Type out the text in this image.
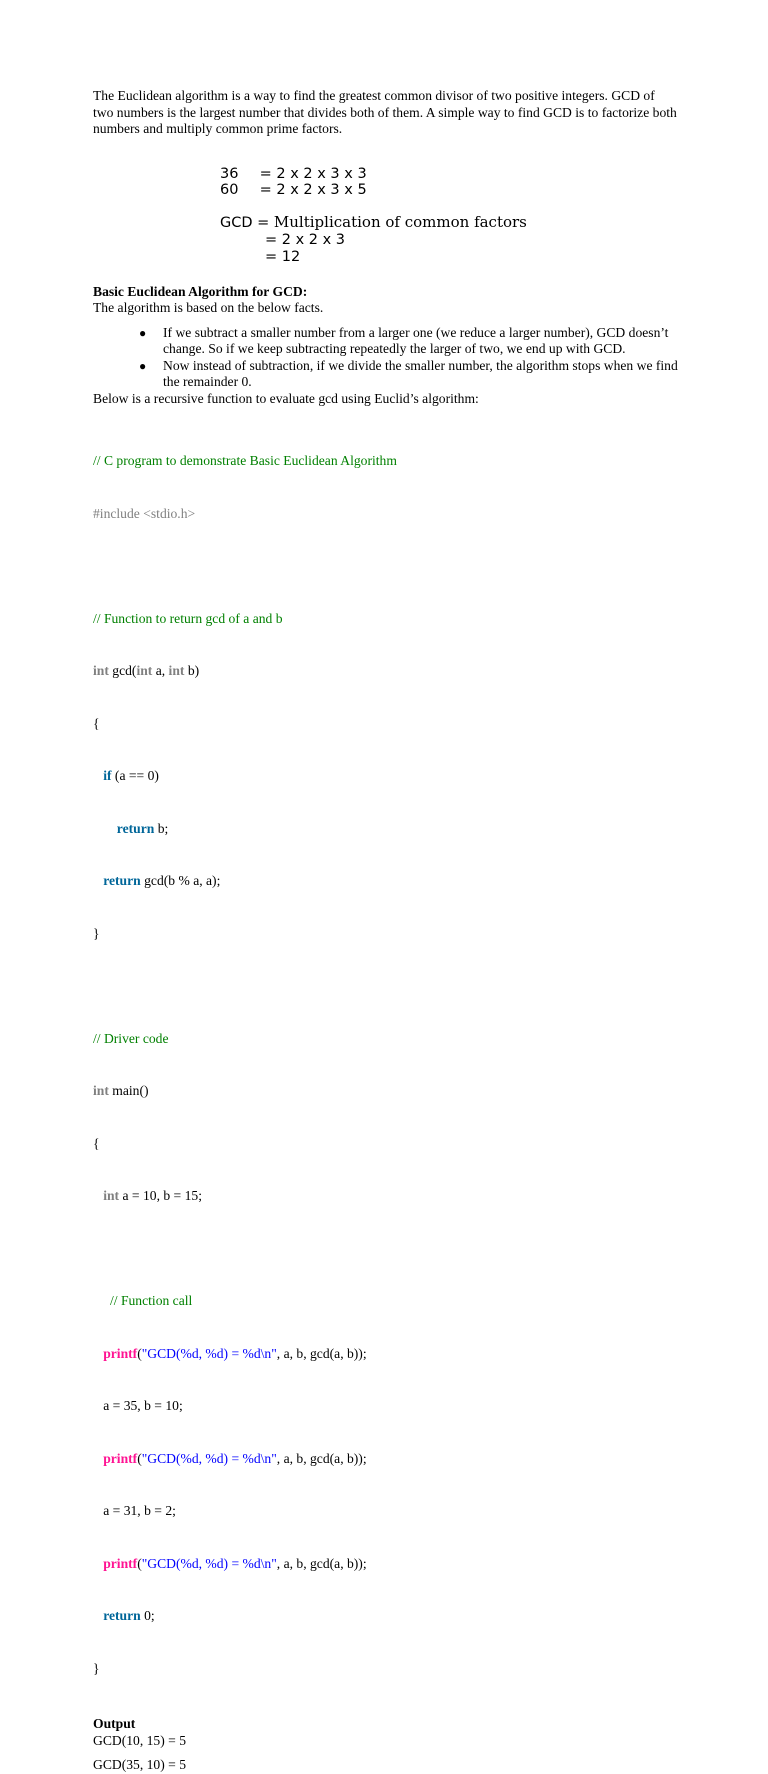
The Euclidean algorithm is a way to find the greatest common divisor of two positive integers. GCD of two numbers is the largest number that divides both of them. A simple way to find GCD is to factorize both numbers and multiply common prime factors.

36 = 2 x 2 x 3 x 3
60 = 2 x 2 x 3 x 5
GCD = Multiplication of common factors
= 2 x 2 x 3
= 12

Basic Euclidean Algorithm for GCD:

The algorithm is based on the below facts.

● If we subtract a smaller number from a larger one (we reduce a larger number), GCD doesn’t change. So if we keep subtracting repeatedly the larger of two, we end up with GCD.
● Now instead of subtraction, if we divide the smaller number, the algorithm stops when we find the remainder 0.

Below is a recursive function to evaluate gcd using Euclid’s algorithm:

// C program to demonstrate Basic Euclidean Algorithm

#include <stdio.h>

// Function to return gcd of a and b

int gcd(int a, int b)

{

if (a == 0)

return b;

return gcd(b % a, a);

}

// Driver code

int main()

{

int a = 10, b = 15;

// Function call

printf("GCD(%d, %d) = %d\n", a, b, gcd(a, b));

a = 35, b = 10;

printf("GCD(%d, %d) = %d\n", a, b, gcd(a, b));

a = 31, b = 2;

printf("GCD(%d, %d) = %d\n", a, b, gcd(a, b));

return 0;

}

Output

GCD(10, 15) = 5

GCD(35, 10) = 5
